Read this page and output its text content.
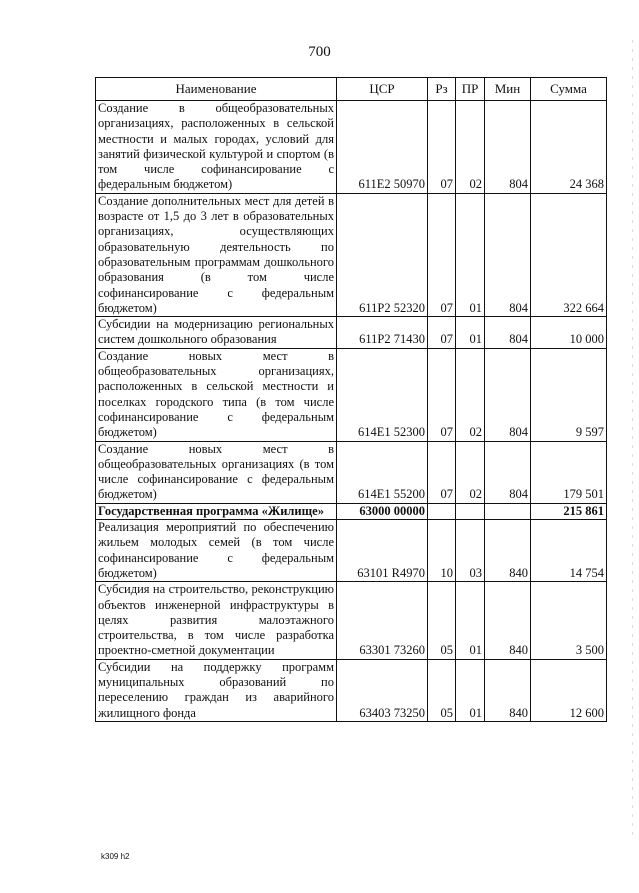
700
Наименование	ЦСР	Рз	ПР	Мин	Сумма
Создание в общеобразовательных организациях, расположенных в сельской местности и малых городах, условий для занятий физической культурой и спортом (в том числе софинансирование с федеральным бюджетом)	611E2 50970	07	02	804	24 368
Создание дополнительных мест для детей в возрасте от 1,5 до 3 лет в образовательных организациях, осуществляющих образовательную деятельность по образовательным программам дошкольного образования (в том числе софинансирование с федеральным бюджетом)	611P2 52320	07	01	804	322 664
Субсидии на модернизацию региональных систем дошкольного образования	611P2 71430	07	01	804	10 000
Создание новых мест в общеобразовательных организациях, расположенных в сельской местности и поселках городского типа (в том числе софинансирование с федеральным бюджетом)	614E1 52300	07	02	804	9 597
Создание новых мест в общеобразовательных организациях (в том числе софинансирование с федеральным бюджетом)	614E1 55200	07	02	804	179 501
Государственная программа «Жилище»	63000 00000				215 861
Реализация мероприятий по обеспечению жильем молодых семей (в том числе софинансирование с федеральным бюджетом)	63101 R4970	10	03	840	14 754
Субсидия на строительство, реконструкцию объектов инженерной инфраструктуры в целях развития малоэтажного строительства, в том числе разработка проектно-сметной документации	63301 73260	05	01	840	3 500
Субсидии на поддержку программ муниципальных образований по переселению граждан из аварийного жилищного фонда	63403 73250	05	01	840	12 600
k309 h2
